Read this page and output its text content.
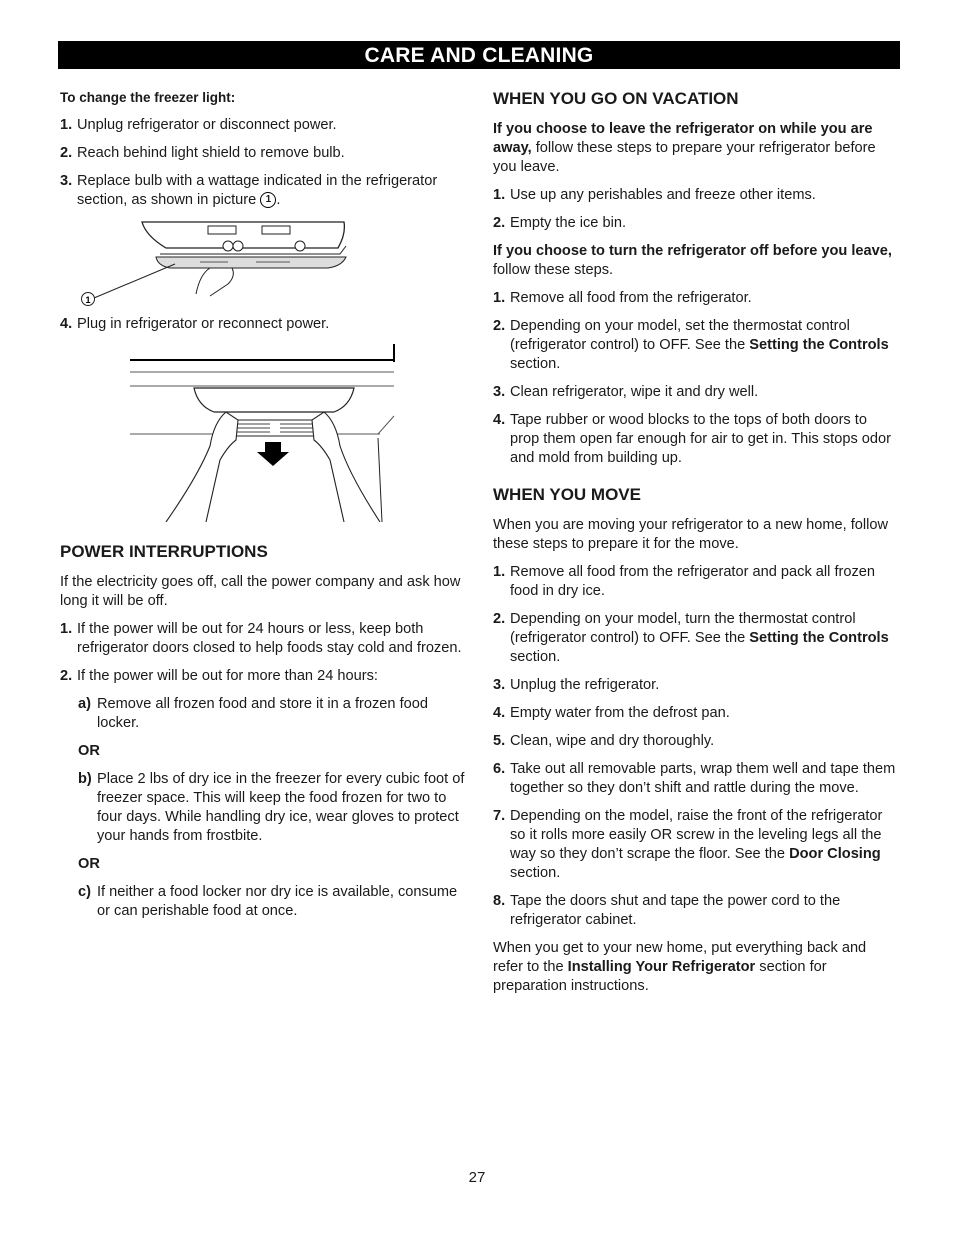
CARE AND CLEANING

To change the freezer light:

1. Unplug refrigerator or disconnect power.
2. Reach behind light shield to remove bulb.
3. Replace bulb with a wattage indicated in the refrigerator section, as shown in picture 1 .
1
4. Plug in refrigerator or reconnect power.

POWER INTERRUPTIONS

If the electricity goes off, call the power company and ask how long it will be off.

1. If the power will be out for 24 hours or less, keep both refrigerator doors closed to help foods stay cold and frozen.
2. If the power will be out for more than 24 hours:
a) Remove all frozen food and store it in a frozen food locker.
OR
b) Place 2 lbs of dry ice in the freezer for every cubic foot of freezer space. This will keep the food frozen for two to four days. While handling dry ice, wear gloves to protect your hands from frostbite.
OR
c) If neither a food locker nor dry ice is available, consume or can perishable food at once.

WHEN YOU GO ON VACATION

If you choose to leave the refrigerator on while you are away, follow these steps to prepare your refrigerator before you leave.

1. Use up any perishables and freeze other items.
2. Empty the ice bin.

If you choose to turn the refrigerator off before you leave, follow these steps.

1. Remove all food from the refrigerator.
2. Depending on your model, set the thermostat control (refrigerator control) to OFF. See the Setting the Controls section.
3. Clean refrigerator, wipe it and dry well.
4. Tape rubber or wood blocks to the tops of both doors to prop them open far enough for air to get in. This stops odor and mold from building up.

WHEN YOU MOVE

When you are moving your refrigerator to a new home, follow these steps to prepare it for the move.

1. Remove all food from the refrigerator and pack all frozen food in dry ice.
2. Depending on your model, turn the thermostat control (refrigerator control) to OFF. See the Setting the Controls section.
3. Unplug the refrigerator.
4. Empty water from the defrost pan.
5. Clean, wipe and dry thoroughly.
6. Take out all removable parts, wrap them well and tape them together so they don’t shift and rattle during the move.
7. Depending on the model, raise the front of the refrigerator so it rolls more easily OR screw in the leveling legs all the way so they don’t scrape the floor. See the Door Closing section.
8. Tape the doors shut and tape the power cord to the refrigerator cabinet.

When you get to your new home, put everything back and refer to the Installing Your Refrigerator section for preparation instructions.

27
